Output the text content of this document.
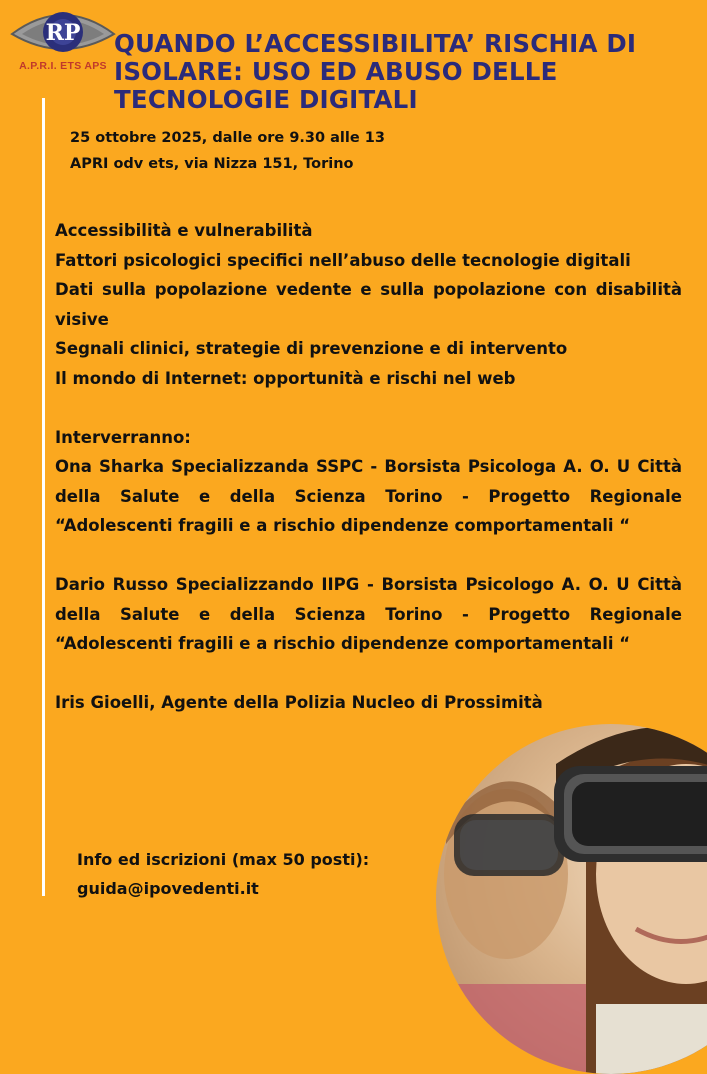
RP
A.P.R.I. ETS APS
QUANDO L’ACCESSIBILITA’ RISCHIA DI ISOLARE: USO ED ABUSO DELLE TECNOLOGIE DIGITALI
25 ottobre 2025, dalle ore 9.30 alle 13
APRI odv ets, via Nizza 151, Torino
Accessibilità e vulnerabilità
Fattori psicologici specifici nell’abuso delle tecnologie digitali
Dati sulla popolazione vedente e sulla popolazione con disabilità visive
Segnali clinici, strategie di prevenzione e di intervento
Il mondo di Internet: opportunità e rischi nel web
Interverranno:
Ona Sharka Specializzanda SSPC - Borsista Psicologa A. O. U Città della Salute e della Scienza Torino - Progetto Regionale “Adolescenti fragili e a rischio dipendenze comportamentali “
Dario Russo Specializzando IIPG - Borsista Psicologo A. O. U Città della Salute e della Scienza Torino - Progetto Regionale “Adolescenti fragili e a rischio dipendenze comportamentali “
Iris Gioelli, Agente della Polizia Nucleo di Prossimità
Info ed iscrizioni (max 50 posti):
guida@ipovedenti.it
